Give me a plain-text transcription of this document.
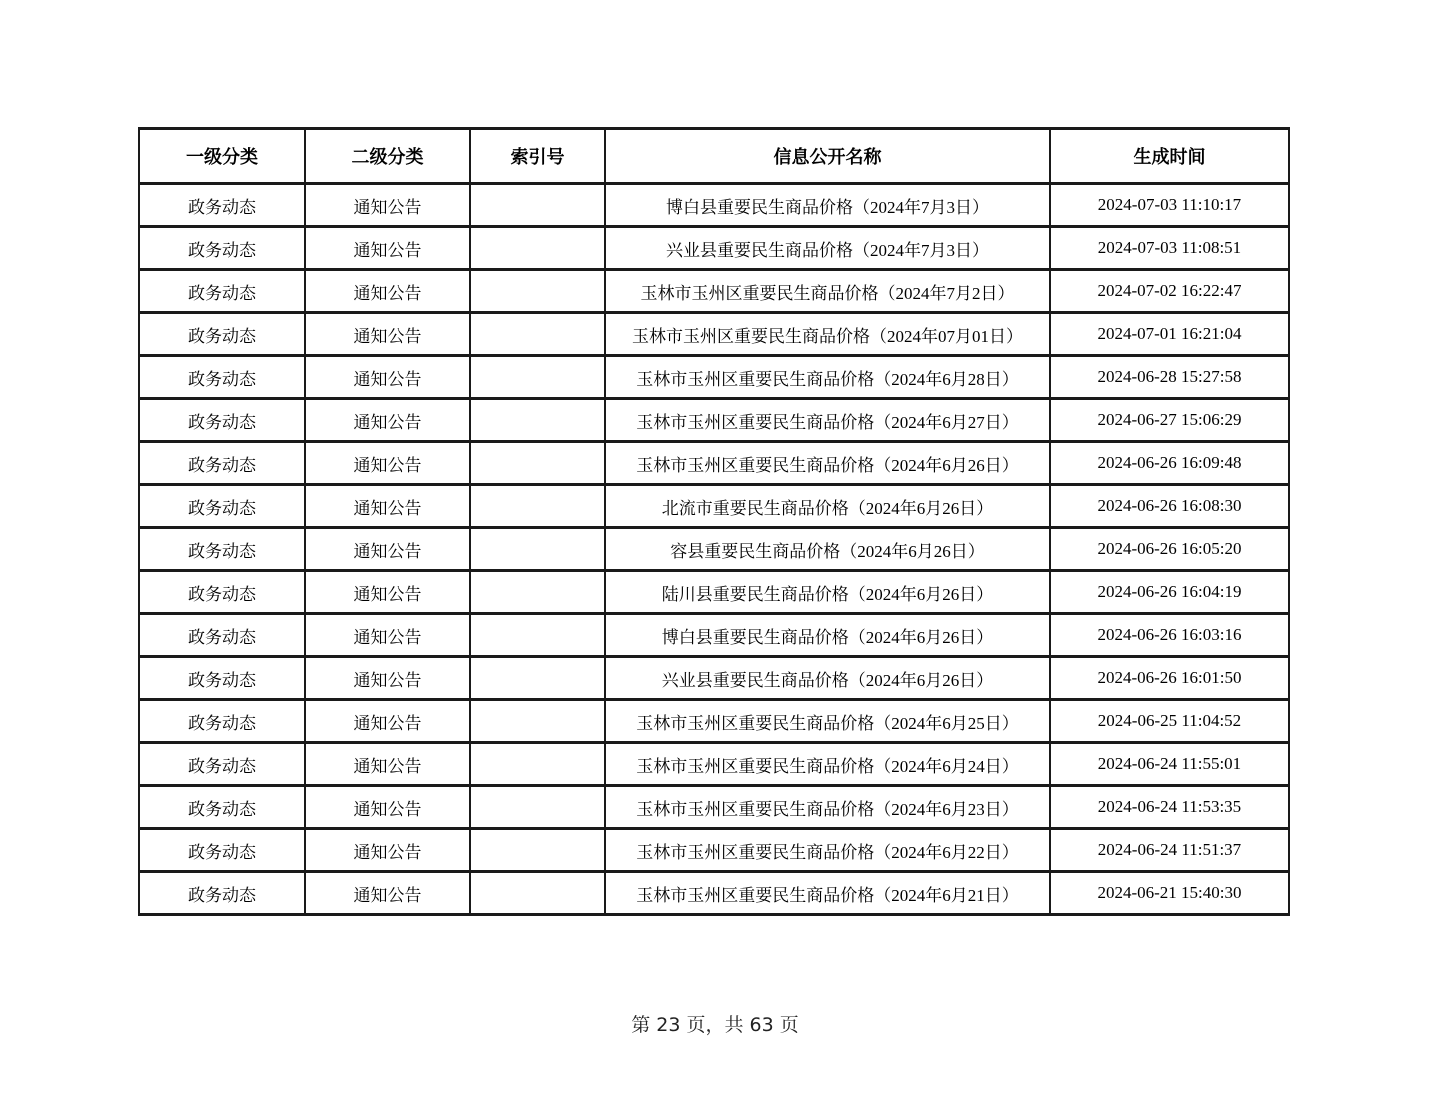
一级分类	二级分类	索引号	信息公开名称	生成时间
政务动态	通知公告		博白县重要民生商品价格（2024年7月3日）	2024-07-03 11:10:17
政务动态	通知公告		兴业县重要民生商品价格（2024年7月3日）	2024-07-03 11:08:51
政务动态	通知公告		玉林市玉州区重要民生商品价格（2024年7月2日）	2024-07-02 16:22:47
政务动态	通知公告		玉林市玉州区重要民生商品价格（2024年07月01日）	2024-07-01 16:21:04
政务动态	通知公告		玉林市玉州区重要民生商品价格（2024年6月28日）	2024-06-28 15:27:58
政务动态	通知公告		玉林市玉州区重要民生商品价格（2024年6月27日）	2024-06-27 15:06:29
政务动态	通知公告		玉林市玉州区重要民生商品价格（2024年6月26日）	2024-06-26 16:09:48
政务动态	通知公告		北流市重要民生商品价格（2024年6月26日）	2024-06-26 16:08:30
政务动态	通知公告		容县重要民生商品价格（2024年6月26日）	2024-06-26 16:05:20
政务动态	通知公告		陆川县重要民生商品价格（2024年6月26日）	2024-06-26 16:04:19
政务动态	通知公告		博白县重要民生商品价格（2024年6月26日）	2024-06-26 16:03:16
政务动态	通知公告		兴业县重要民生商品价格（2024年6月26日）	2024-06-26 16:01:50
政务动态	通知公告		玉林市玉州区重要民生商品价格（2024年6月25日）	2024-06-25 11:04:52
政务动态	通知公告		玉林市玉州区重要民生商品价格（2024年6月24日）	2024-06-24 11:55:01
政务动态	通知公告		玉林市玉州区重要民生商品价格（2024年6月23日）	2024-06-24 11:53:35
政务动态	通知公告		玉林市玉州区重要民生商品价格（2024年6月22日）	2024-06-24 11:51:37
政务动态	通知公告		玉林市玉州区重要民生商品价格（2024年6月21日）	2024-06-21 15:40:30
第 23 页，共 63 页
